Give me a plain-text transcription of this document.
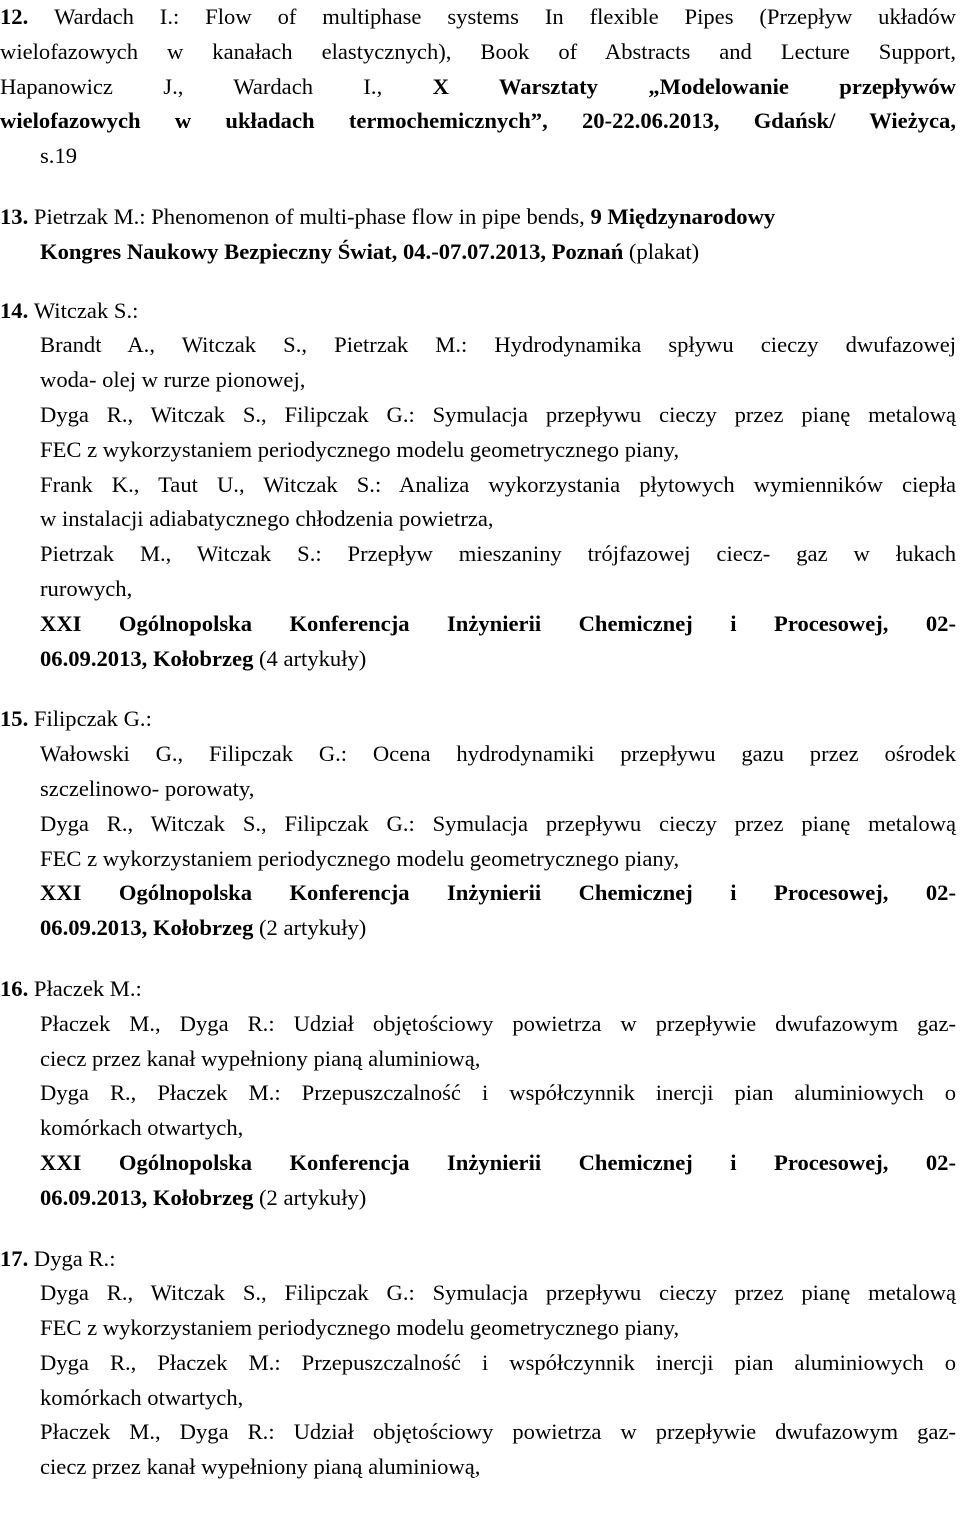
12. Wardach I.: Flow of multiphase systems In flexible Pipes (Przepływ układów
wielofazowych w kanałach elastycznych), Book of Abstracts and Lecture Support,
Hapanowicz J., Wardach I., X Warsztaty „Modelowanie przepływów
wielofazowych w układach termochemicznych”, 20-22.06.2013, Gdańsk/ Wieżyca,
s.19
13. Pietrzak M.: Phenomenon of multi-phase flow in pipe bends, 9 Międzynarodowy
Kongres Naukowy Bezpieczny Świat, 04.-07.07.2013, Poznań (plakat)
14. Witczak S.:
Brandt A., Witczak S., Pietrzak M.: Hydrodynamika spływu cieczy dwufazowej
woda- olej w rurze pionowej,
Dyga R., Witczak S., Filipczak G.: Symulacja przepływu cieczy przez pianę metalową
FEC z wykorzystaniem periodycznego modelu geometrycznego piany,
Frank K., Taut U., Witczak S.: Analiza wykorzystania płytowych wymienników ciepła
w instalacji adiabatycznego chłodzenia powietrza,
Pietrzak M., Witczak S.: Przepływ mieszaniny trójfazowej ciecz- gaz w łukach
rurowych,
XXI Ogólnopolska Konferencja Inżynierii Chemicznej i Procesowej, 02-
06.09.2013, Kołobrzeg (4 artykuły)
15. Filipczak G.:
Wałowski G., Filipczak G.: Ocena hydrodynamiki przepływu gazu przez ośrodek
szczelinowo- porowaty,
Dyga R., Witczak S., Filipczak G.: Symulacja przepływu cieczy przez pianę metalową
FEC z wykorzystaniem periodycznego modelu geometrycznego piany,
XXI Ogólnopolska Konferencja Inżynierii Chemicznej i Procesowej, 02-
06.09.2013, Kołobrzeg (2 artykuły)
16. Płaczek M.:
Płaczek M., Dyga R.: Udział objętościowy powietrza w przepływie dwufazowym gaz-
ciecz przez kanał wypełniony pianą aluminiową,
Dyga R., Płaczek M.: Przepuszczalność i współczynnik inercji pian aluminiowych o
komórkach otwartych,
XXI Ogólnopolska Konferencja Inżynierii Chemicznej i Procesowej, 02-
06.09.2013, Kołobrzeg (2 artykuły)
17. Dyga R.:
Dyga R., Witczak S., Filipczak G.: Symulacja przepływu cieczy przez pianę metalową
FEC z wykorzystaniem periodycznego modelu geometrycznego piany,
Dyga R., Płaczek M.: Przepuszczalność i współczynnik inercji pian aluminiowych o
komórkach otwartych,
Płaczek M., Dyga R.: Udział objętościowy powietrza w przepływie dwufazowym gaz-
ciecz przez kanał wypełniony pianą aluminiową,
